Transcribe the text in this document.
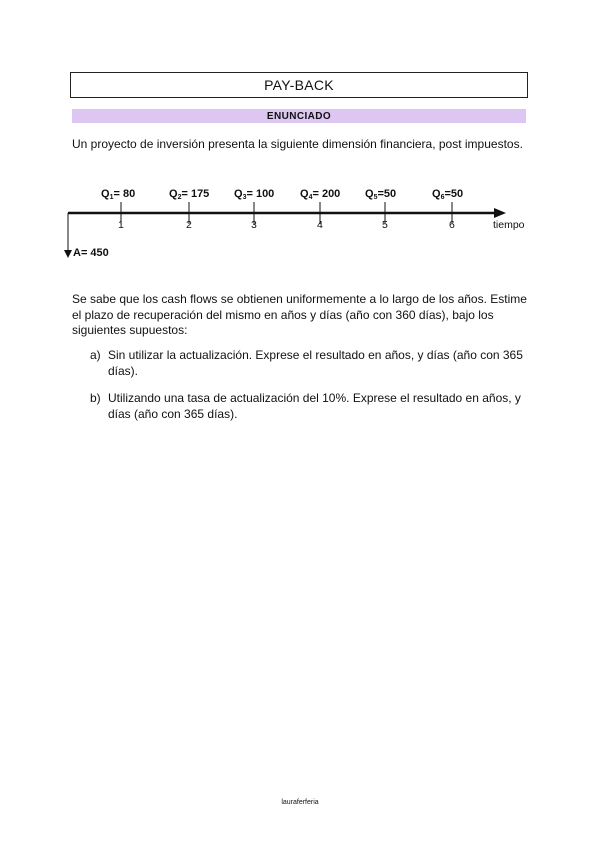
PAY-BACK
ENUNCIADO
Un proyecto de inversión presenta la siguiente dimensión financiera, post impuestos.
tiempo
A= 450
Q1= 80
1
Q2= 175
2
Q3= 100
3
Q4= 200
4
Q5=50
5
Q6=50
6
Se sabe que los cash flows se obtienen uniformemente a lo largo de los años. Estime el plazo de recuperación del mismo en años y días (año con 360 días), bajo los siguientes supuestos:
a) Sin utilizar la actualización. Exprese el resultado en años, y días (año con 365 días).
b) Utilizando una tasa de actualización del 10%. Exprese el resultado en años, y días (año con 365 días).
lauraferferia
